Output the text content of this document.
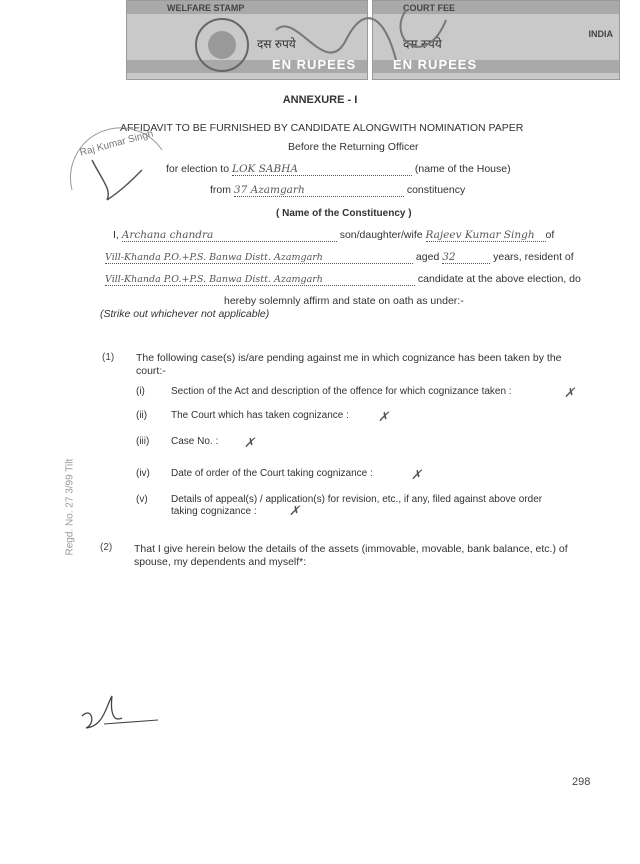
WELFARE STAMP
दस रुपये
EN RUPEES
COURT FEE
INDIA
दस रुपये
EN RUPEES
ANNEXURE - I
AFFIDAVIT TO BE FURNISHED BY CANDIDATE ALONGWITH NOMINATION PAPER
Before the Returning Officer
Raj Kumar Singh
for election to LOK SABHA	(name of the House)
from 37 Azamgarh	constituency
( Name of the Constituency )
I, Archana chandra	son/daughter/wife Rajeev Kumar Singh of
Vill-Khanda P.O.+P.S. Banwa Distt. Azamgarh	aged 32	years, resident of
Vill-Khanda P.O.+P.S. Banwa Distt. Azamgarh	candidate at the above election, do
hereby solemnly affirm and state on oath as under:-
(Strike out whichever not applicable)
Regd. No. 27 3/99 Tilt
(1) The following case(s) is/are pending against me in which cognizance has been taken by the
court:-
(i)	Section of the Act and description of the offence for which cognizance taken :	✗
(ii) The Court which has taken cognizance : ✗
(iii) Case No. : ✗
(iv) Date of order of the Court taking cognizance :	✗
(v) Details of appeal(s) / application(s) for revision, etc., if any, filed against above order
taking cognizance : ✗
(2) That I give herein below the details of the assets (immovable, movable, bank balance, etc.) of
spouse, my dependents and myself*:
298
